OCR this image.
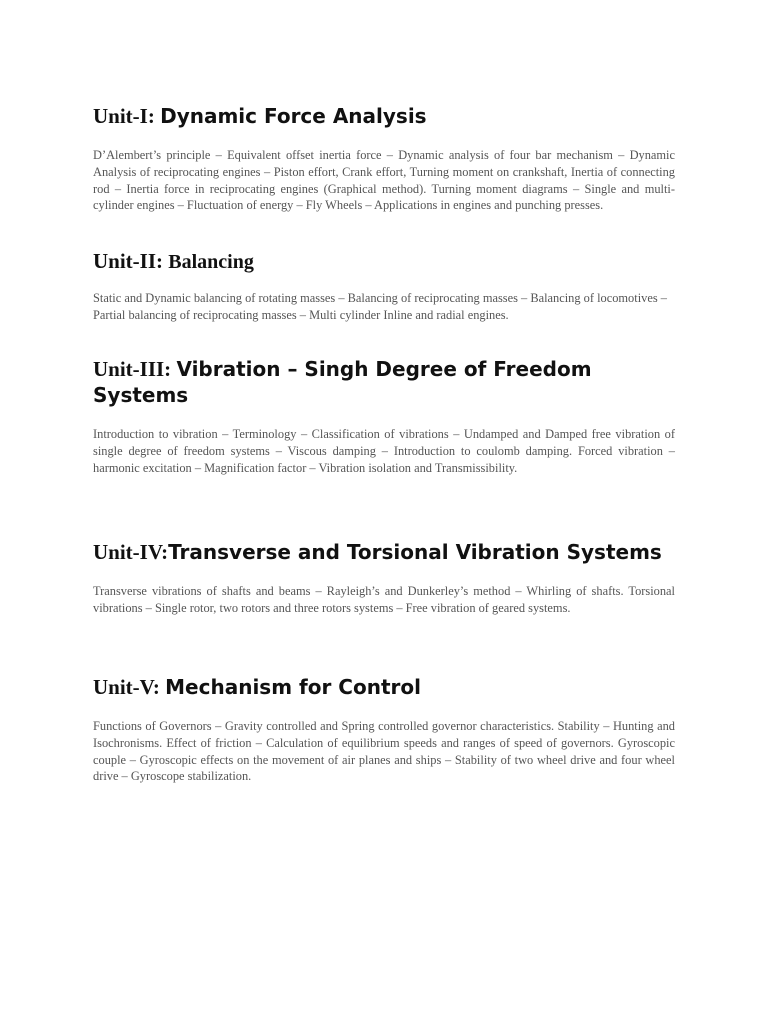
Unit-I: Dynamic Force Analysis

D’Alembert’s principle – Equivalent offset inertia force – Dynamic analysis of four bar mechanism – Dynamic Analysis of reciprocating engines – Piston effort, Crank effort, Turning moment on crankshaft, Inertia of connecting rod – Inertia force in reciprocating engines (Graphical method). Turning moment diagrams – Single and multi-cylinder engines – Fluctuation of energy – Fly Wheels – Applications in engines and punching presses.

Unit-II: Balancing

Static and Dynamic balancing of rotating masses – Balancing of reciprocating masses – Balancing of locomotives – Partial balancing of reciprocating masses – Multi cylinder Inline and radial engines.

Unit-III: Vibration – Singh Degree of Freedom Systems

Introduction to vibration – Terminology – Classification of vibrations – Undamped and Damped free vibration of single degree of freedom systems – Viscous damping – Introduction to coulomb damping. Forced vibration – harmonic excitation – Magnification factor – Vibration isolation and Transmissibility.

Unit-IV:Transverse and Torsional Vibration Systems

Transverse vibrations of shafts and beams – Rayleigh’s and Dunkerley’s method – Whirling of shafts. Torsional vibrations – Single rotor, two rotors and three rotors systems – Free vibration of geared systems.

Unit-V: Mechanism for Control

Functions of Governors – Gravity controlled and Spring controlled governor characteristics. Stability – Hunting and Isochronisms. Effect of friction – Calculation of equilibrium speeds and ranges of speed of governors. Gyroscopic couple – Gyroscopic effects on the movement of air planes and ships – Stability of two wheel drive and four wheel drive – Gyroscope stabilization.
